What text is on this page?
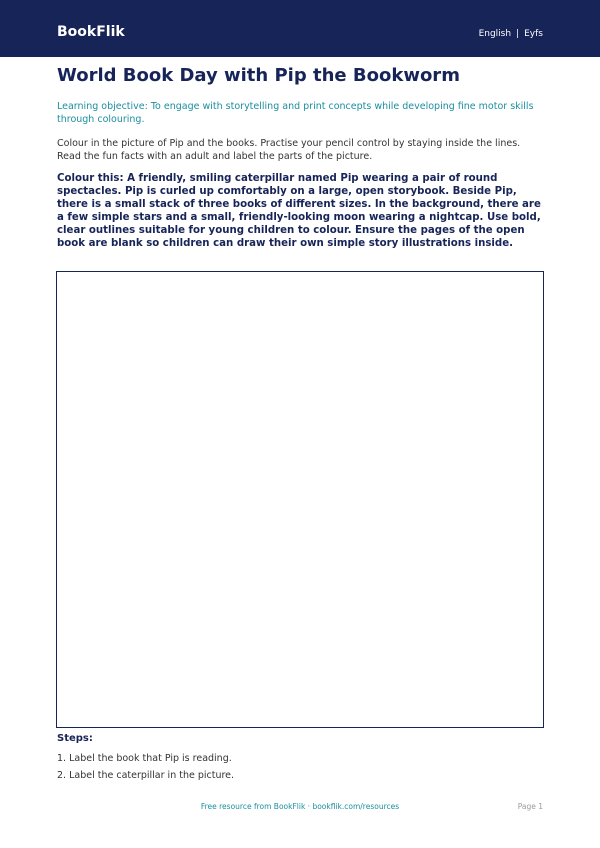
BookFlik	English | Eyfs
World Book Day with Pip the Bookworm

Learning objective: To engage with storytelling and print concepts while developing fine motor skills through colouring.

Colour in the picture of Pip and the books. Practise your pencil control by staying inside the lines. Read the fun facts with an adult and label the parts of the picture.

Colour this: A friendly, smiling caterpillar named Pip wearing a pair of round spectacles. Pip is curled up comfortably on a large, open storybook. Beside Pip, there is a small stack of three books of different sizes. In the background, there are a few simple stars and a small, friendly-looking moon wearing a nightcap. Use bold, clear outlines suitable for young children to colour. Ensure the pages of the open book are blank so children can draw their own simple story illustrations inside.

Steps:

1. Label the book that Pip is reading.
2. Label the caterpillar in the picture.
Free resource from BookFlik · bookflik.com/resources	Page 1
